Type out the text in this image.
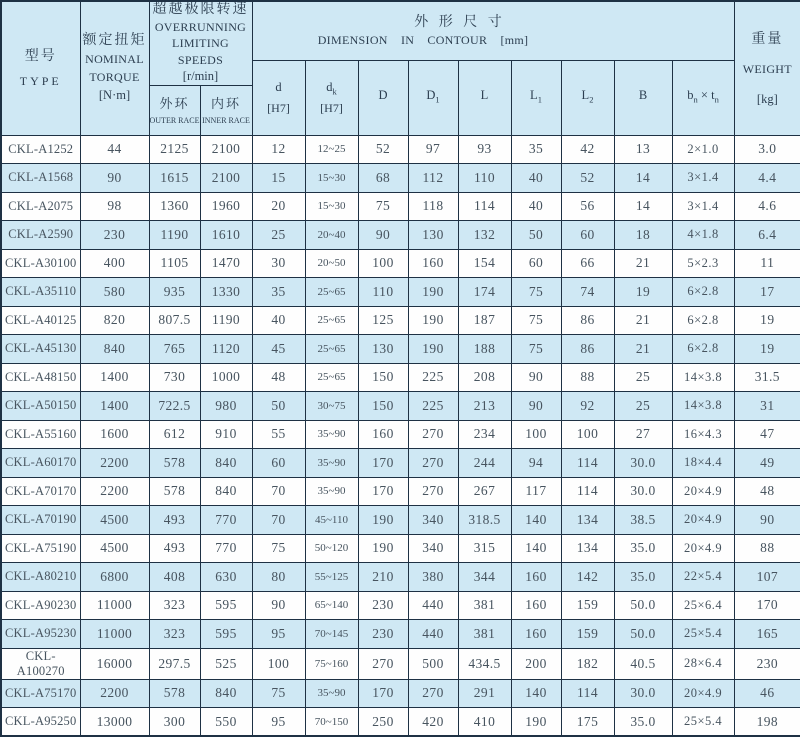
型号
TYPE

额定扭矩
NOMINAL
TORQUE
[N·m]

超越极限转速
OVERRUNNING
LIMITING SPEEDS
[r/min]

外   形   尺   寸
DIMENSION    IN    CONTOUR    [mm]	重量
WEIGHT
[kg]

d
[H7]

$d_k$
[H7]

D	$D_1$	L	$L_1$	$L_2$	B	$b_n \times t_n$

外环
OUTER RACE

内环
INNER RACE

CKL-A1252	44	2125	2100	12	12~25	52	97	93	35	42	13	2×1.0	3.0
CKL-A1568	90	1615	2100	15	15~30	68	112	110	40	52	14	3×1.4	4.4
CKL-A2075	98	1360	1960	20	15~30	75	118	114	40	56	14	3×1.4	4.6
CKL-A2590	230	1190	1610	25	20~40	90	130	132	50	60	18	4×1.8	6.4
CKL-A30100	400	1105	1470	30	20~50	100	160	154	60	66	21	5×2.3	11
CKL-A35110	580	935	1330	35	25~65	110	190	174	75	74	19	6×2.8	17
CKL-A40125	820	807.5	1190	40	25~65	125	190	187	75	86	21	6×2.8	19
CKL-A45130	840	765	1120	45	25~65	130	190	188	75	86	21	6×2.8	19
CKL-A48150	1400	730	1000	48	25~65	150	225	208	90	88	25	14×3.8	31.5
CKL-A50150	1400	722.5	980	50	30~75	150	225	213	90	92	25	14×3.8	31
CKL-A55160	1600	612	910	55	35~90	160	270	234	100	100	27	16×4.3	47
CKL-A60170	2200	578	840	60	35~90	170	270	244	94	114	30.0	18×4.4	49
CKL-A70170	2200	578	840	70	35~90	170	270	267	117	114	30.0	20×4.9	48
CKL-A70190	4500	493	770	70	45~110	190	340	318.5	140	134	38.5	20×4.9	90
CKL-A75190	4500	493	770	75	50~120	190	340	315	140	134	35.0	20×4.9	88
CKL-A80210	6800	408	630	80	55~125	210	380	344	160	142	35.0	22×5.4	107
CKL-A90230	11000	323	595	90	65~140	230	440	381	160	159	50.0	25×6.4	170
CKL-A95230	11000	323	595	95	70~145	230	440	381	160	159	50.0	25×5.4	165
CKL-A100270	16000	297.5	525	100	75~160	270	500	434.5	200	182	40.5	28×6.4	230
CKL-A75170	2200	578	840	75	35~90	170	270	291	140	114	30.0	20×4.9	46
CKL-A95250	13000	300	550	95	70~150	250	420	410	190	175	35.0	25×5.4	198
